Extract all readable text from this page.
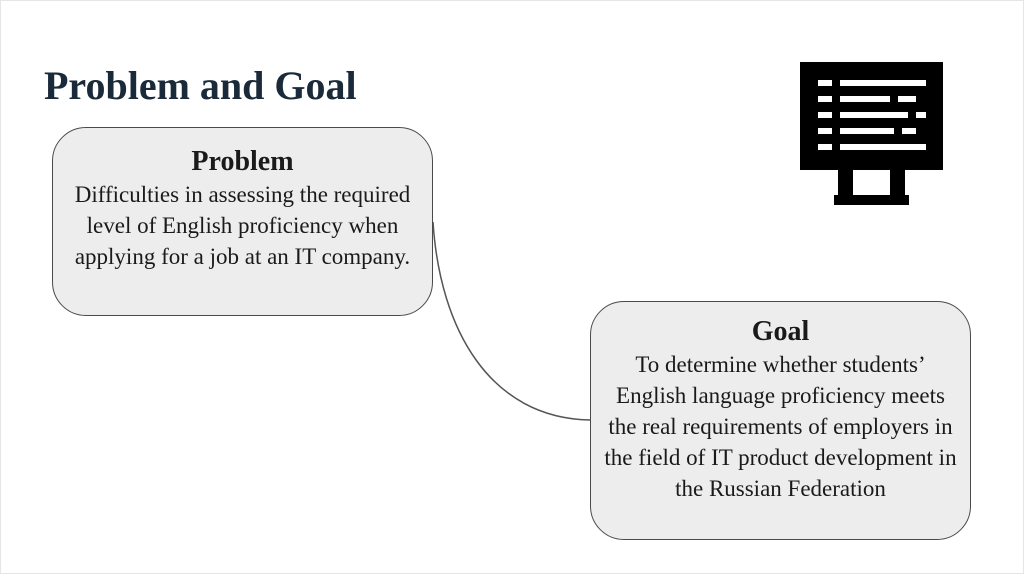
Problem and Goal
Problem
Difficulties in assessing the required level of English proficiency when applying for a job at an IT company.
Goal
To determine whether students’ English language proficiency meets the real requirements of employers in the field of IT product development in the Russian Federation
